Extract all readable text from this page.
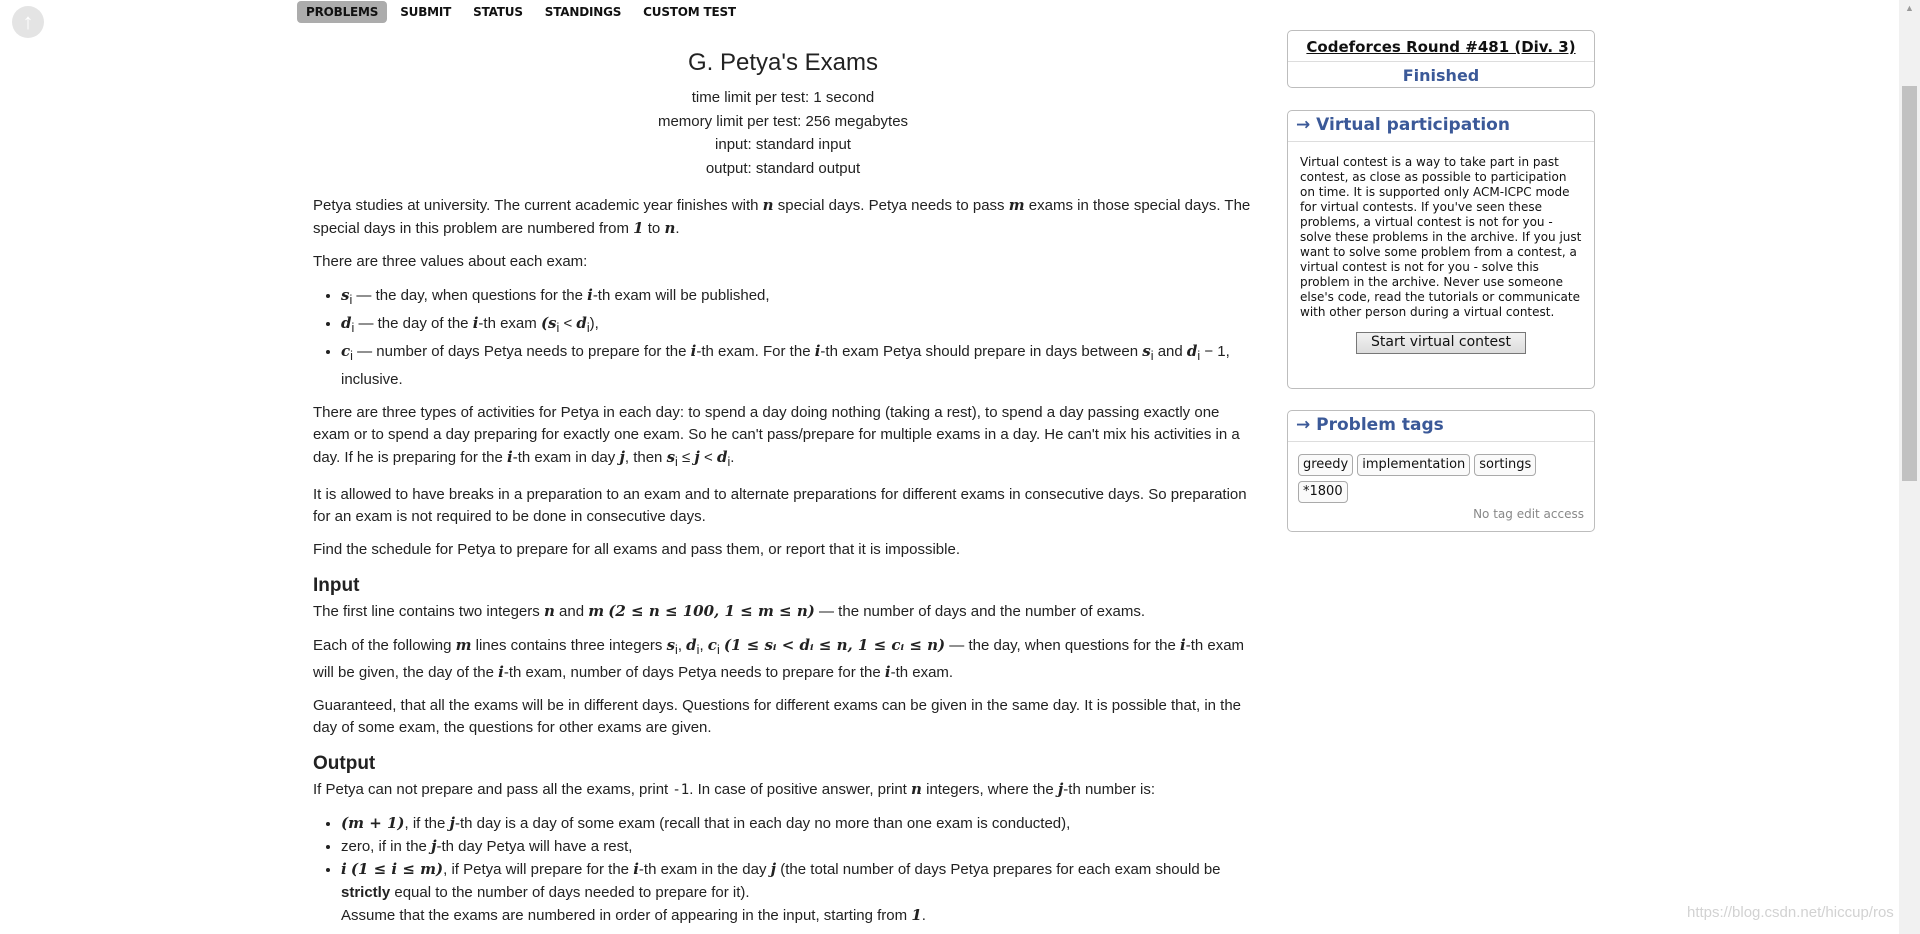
↑	PROBLEMS	SUBMIT	STATUS	STANDINGS	CUSTOM TEST
G. Petya's Exams
time limit per test: 1 second
memory limit per test: 256 megabytes
input: standard input
output: standard output
Petya studies at university. The current academic year finishes with n special days. Petya needs to pass m exams in those special days. The special days in this problem are numbered from 1 to n.
There are three values about each exam:
• $s_i$ — the day, when questions for the i-th exam will be published,
• $d_i$ — the day of the i-th exam $(s_i < d_i)$,
• $c_i$ — number of days Petya needs to prepare for the i-th exam. For the i-th exam Petya should prepare in days between $s_i$ and $d_i - 1$, inclusive.
There are three types of activities for Petya in each day: to spend a day doing nothing (taking a rest), to spend a day passing exactly one exam or to spend a day preparing for exactly one exam. So he can't pass/prepare for multiple exams in a day. He can't mix his activities in a day. If he is preparing for the i-th exam in day j, then $s_i \le j < d_i$.
It is allowed to have breaks in a preparation to an exam and to alternate preparations for different exams in consecutive days. So preparation for an exam is not required to be done in consecutive days.
Find the schedule for Petya to prepare for all exams and pass them, or report that it is impossible.
Input
The first line contains two integers n and m (2 ≤ n ≤ 100, 1 ≤ m ≤ n) — the number of days and the number of exams.
Each of the following m lines contains three integers $s_i$, $d_i$, $c_i$ (1 ≤ sᵢ < dᵢ ≤ n, 1 ≤ cᵢ ≤ n) — the day, when questions for the i-th exam will be given, the day of the i-th exam, number of days Petya needs to prepare for the i-th exam.
Guaranteed, that all the exams will be in different days. Questions for different exams can be given in the same day. It is possible that, in the day of some exam, the questions for other exams are given.
Output
If Petya can not prepare and pass all the exams, print -1. In case of positive answer, print n integers, where the j-th number is:
• (m + 1), if the j-th day is a day of some exam (recall that in each day no more than one exam is conducted),
• zero, if in the j-th day Petya will have a rest,
• i (1 ≤ i ≤ m), if Petya will prepare for the i-th exam in the day j (the total number of days Petya prepares for each exam should be strictly equal to the number of days needed to prepare for it).
Assume that the exams are numbered in order of appearing in the input, starting from 1.
Codeforces Round #481 (Div. 3)
Finished
→ Virtual participation
Virtual contest is a way to take part in past contest, as close as possible to participation on time. It is supported only ACM-ICPC mode for virtual contests. If you've seen these problems, a virtual contest is not for you - solve these problems in the archive. If you just want to solve some problem from a contest, a virtual contest is not for you - solve this problem in the archive. Never use someone else's code, read the tutorials or communicate with other person during a virtual contest.
Start virtual contest
→ Problem tags
greedy	implementation	sortings
*1800
No tag edit access
▲
https://blog.csdn.net/hiccup/ros
